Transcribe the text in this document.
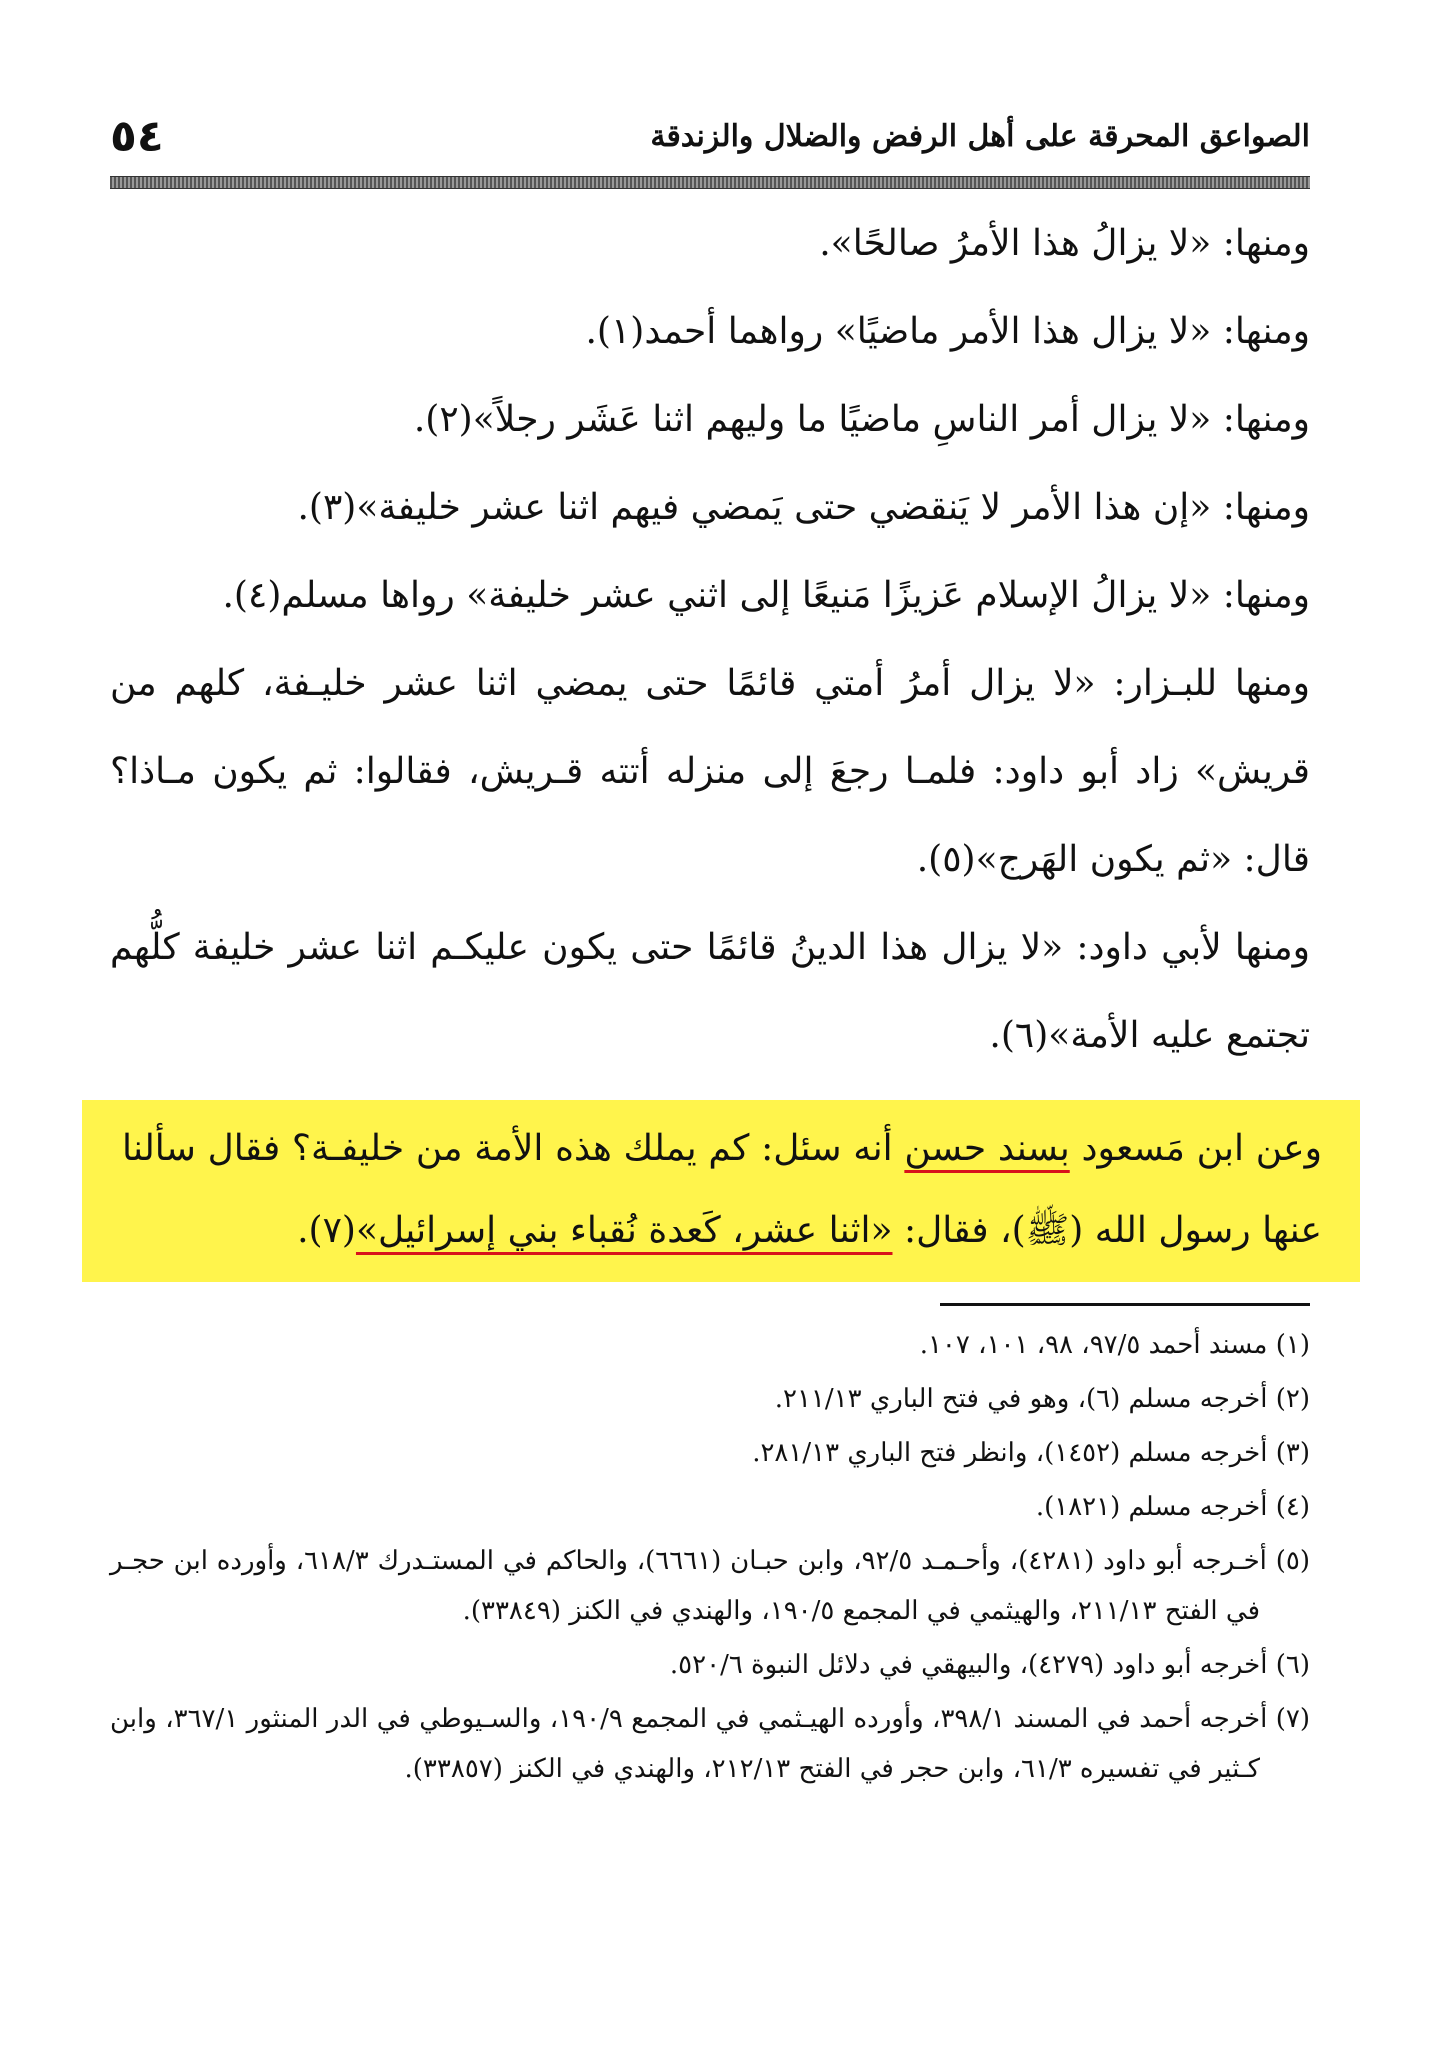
الصواعق المحرقة على أهل الرفض والضلال والزندقة
٥٤

ومنها: «لا يزالُ هذا الأمرُ صالحًا».

ومنها: «لا يزال هذا الأمر ماضيًا» رواهما أحمد(١).

ومنها: «لا يزال أمر الناسِ ماضيًا ما وليهم اثنا عَشَر رجلاً»(٢).

ومنها: «إن هذا الأمر لا يَنقضي حتى يَمضي فيهم اثنا عشر خليفة»(٣).

ومنها: «لا يزالُ الإسلام عَزيزًا مَنيعًا إلى اثني عشر خليفة» رواها مسلم(٤).

ومنها للبـزار: «لا يزال أمرُ أمتي قائمًا حتى يمضي اثنا عشر خليـفة، كلهم من قريش» زاد أبو داود: فلمـا رجعَ إلى منزله أتته قـريش، فقالوا: ثم يكون مـاذا؟ قال: «ثم يكون الهَرج»(٥).

ومنها لأبي داود: «لا يزال هذا الدينُ قائمًا حتى يكون عليكـم اثنا عشر خليفة كلُّهم تجتمع عليه الأمة»(٦).

وعن ابن مَسعود بسند حسن أنه سئل: كم يملك هذه الأمة من خليفـة؟ فقال سألنا عنها رسول الله (ﷺ)، فقال: «اثنا عشر، كَعدة نُقباء بني إسرائيل»(٧).

(١) مسند أحمد ٩٧/٥، ٩٨، ١٠١، ١٠٧.

(٢) أخرجه مسلم (٦)، وهو في فتح الباري ٢١١/١٣.

(٣) أخرجه مسلم (١٤٥٢)، وانظر فتح الباري ٢٨١/١٣.

(٤) أخرجه مسلم (١٨٢١).

(٥) أخـرجه أبو داود (٤٢٨١)، وأحـمـد ٩٢/٥، وابن حبـان (٦٦٦١)، والحاكم في المستـدرك ٦١٨/٣، وأورده ابن حجـر في الفتح ٢١١/١٣، والهيثمي في المجمع ١٩٠/٥، والهندي في الكنز (٣٣٨٤٩).

(٦) أخرجه أبو داود (٤٢٧٩)، والبيهقي في دلائل النبوة ٥٢٠/٦.

(٧) أخرجه أحمد في المسند ٣٩٨/١، وأورده الهيـثمي في المجمع ١٩٠/٩، والسـيوطي في الدر المنثور ٣٦٧/١، وابن كـثير في تفسيره ٦١/٣، وابن حجر في الفتح ٢١٢/١٣، والهندي في الكنز (٣٣٨٥٧).
